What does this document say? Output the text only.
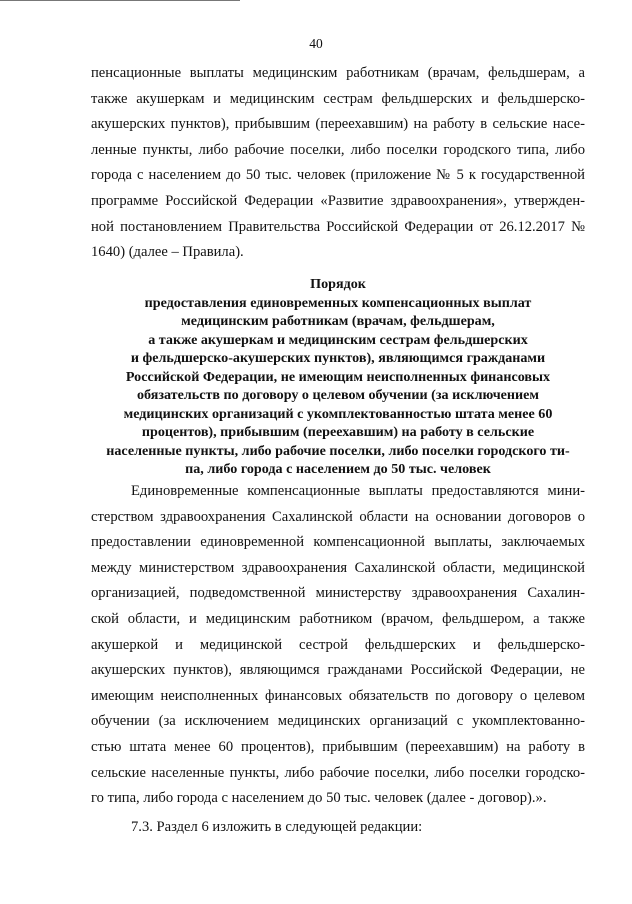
40

пенсационные выплаты медицинским работникам (врачам, фельдшерам, а

также акушеркам и медицинским сестрам фельдшерских и фельдшерско-

акушерских пунктов), прибывшим (переехавшим) на работу в сельские насе-

ленные пункты, либо рабочие поселки, либо поселки городского типа, либо

города с населением до 50 тыс. человек (приложение № 5 к государственной

программе Российской Федерации «Развитие здравоохранения», утвержден-

ной постановлением Правительства Российской Федерации от 26.12.2017 №

1640) (далее – Правила).

Порядок
предоставления единовременных компенсационных выплат
медицинским работникам (врачам, фельдшерам,
а также акушеркам и медицинским сестрам фельдшерских
и фельдшерско-акушерских пунктов), являющимся гражданами
Российской Федерации, не имеющим неисполненных финансовых
обязательств по договору о целевом обучении (за исключением
медицинских организаций с укомплектованностью штата менее 60
процентов), прибывшим (переехавшим) на работу в сельские
населенные пункты, либо рабочие поселки, либо поселки городского ти-
па, либо города с населением до 50 тыс. человек

Единовременные компенсационные выплаты предоставляются мини-

стерством здравоохранения Сахалинской области на основании договоров о

предоставлении единовременной компенсационной выплаты, заключаемых

между министерством здравоохранения Сахалинской области, медицинской

организацией, подведомственной министерству здравоохранения Сахалин-

ской области, и медицинским работником (врачом, фельдшером, а также

акушеркой и медицинской сестрой фельдшерских и фельдшерско-

акушерских пунктов), являющимся гражданами Российской Федерации, не

имеющим неисполненных финансовых обязательств по договору о целевом

обучении (за исключением медицинских организаций с укомплектованно-

стью штата менее 60 процентов), прибывшим (переехавшим) на работу в

сельские населенные пункты, либо рабочие поселки, либо поселки городско-

го типа, либо города с населением до 50 тыс. человек (далее - договор).».

7.3. Раздел 6 изложить в следующей редакции:
